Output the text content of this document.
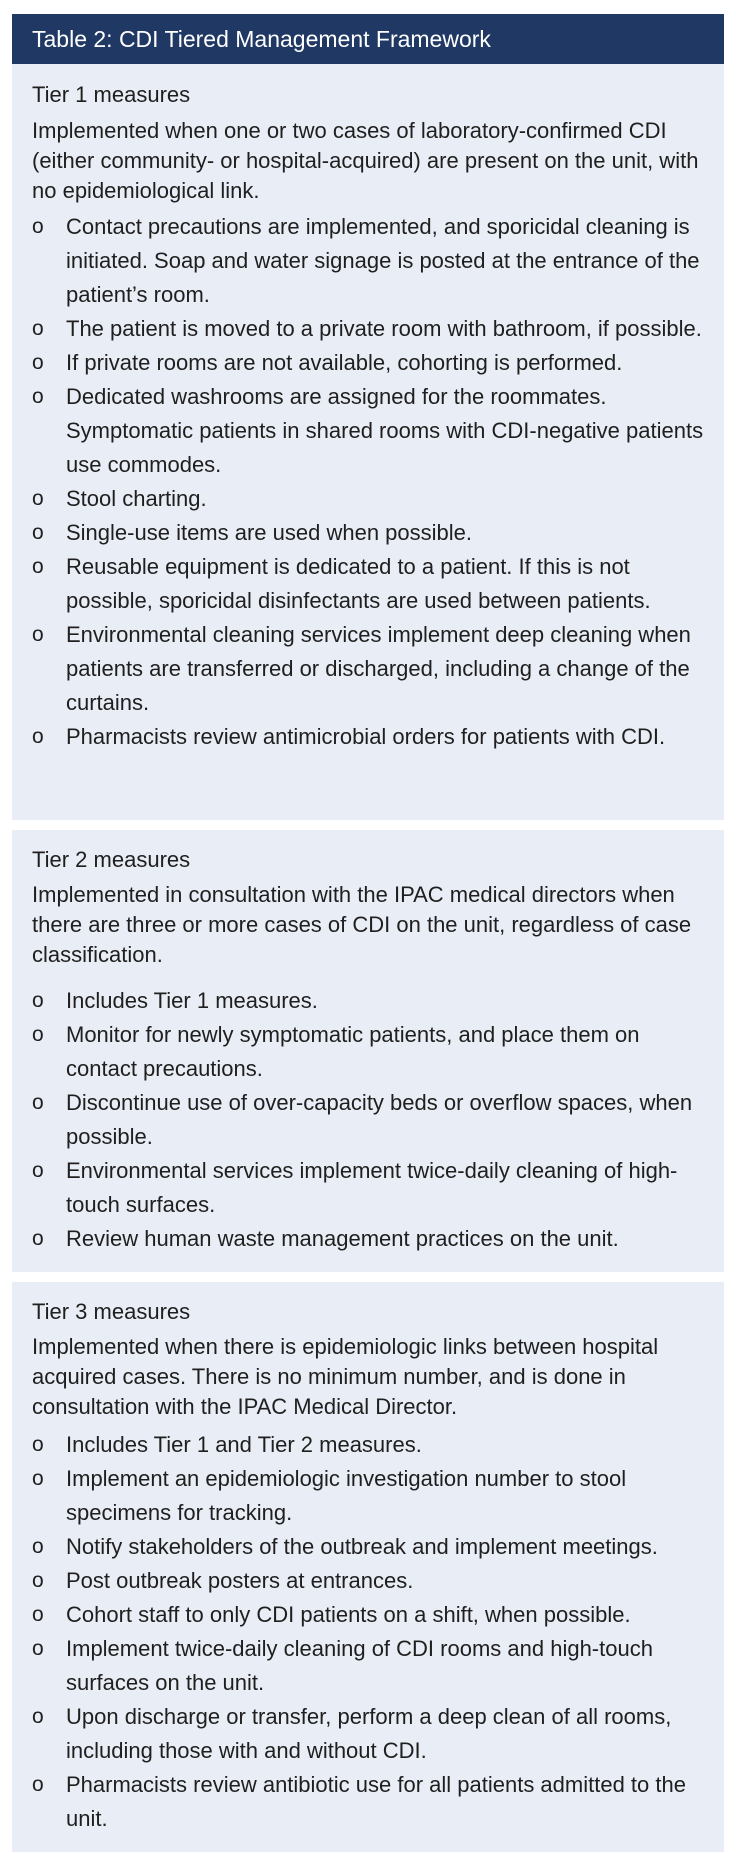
Table 2: CDI Tiered Management Framework
Tier 1 measures

Implemented when one or two cases of laboratory-confirmed CDI (either community- or hospital-acquired) are present on the unit, with no epidemiological link.

o	Contact precautions are implemented, and sporicidal cleaning is initiated. Soap and water signage is posted at the entrance of the patient’s room.
o	The patient is moved to a private room with bathroom, if possible.
o	If private rooms are not available, cohorting is performed.
o	Dedicated washrooms are assigned for the roommates. Symptomatic patients in shared rooms with CDI-negative patients use commodes.
o	Stool charting.
o	Single-use items are used when possible.
o	Reusable equipment is dedicated to a patient. If this is not possible, sporicidal disinfectants are used between patients.
o	Environmental cleaning services implement deep cleaning when patients are transferred or discharged, including a change of the curtains.
o	Pharmacists review antimicrobial orders for patients with CDI.
Tier 2 measures

Implemented in consultation with the IPAC medical directors when there are three or more cases of CDI on the unit, regardless of case classification.

o	Includes Tier 1 measures.
o	Monitor for newly symptomatic patients, and place them on contact precautions.
o	Discontinue use of over-capacity beds or overflow spaces, when possible.
o	Environmental services implement twice-daily cleaning of high-touch surfaces.
o	Review human waste management practices on the unit.
Tier 3 measures

Implemented when there is epidemiologic links between hospital acquired cases. There is no minimum number, and is done in consultation with the IPAC Medical Director.

o	Includes Tier 1 and Tier 2 measures.
o	Implement an epidemiologic investigation number to stool specimens for tracking.
o	Notify stakeholders of the outbreak and implement meetings.
o	Post outbreak posters at entrances.
o	Cohort staff to only CDI patients on a shift, when possible.
o	Implement twice-daily cleaning of CDI rooms and high-touch surfaces on the unit.
o	Upon discharge or transfer, perform a deep clean of all rooms, including those with and without CDI.
o	Pharmacists review antibiotic use for all patients admitted to the unit.
